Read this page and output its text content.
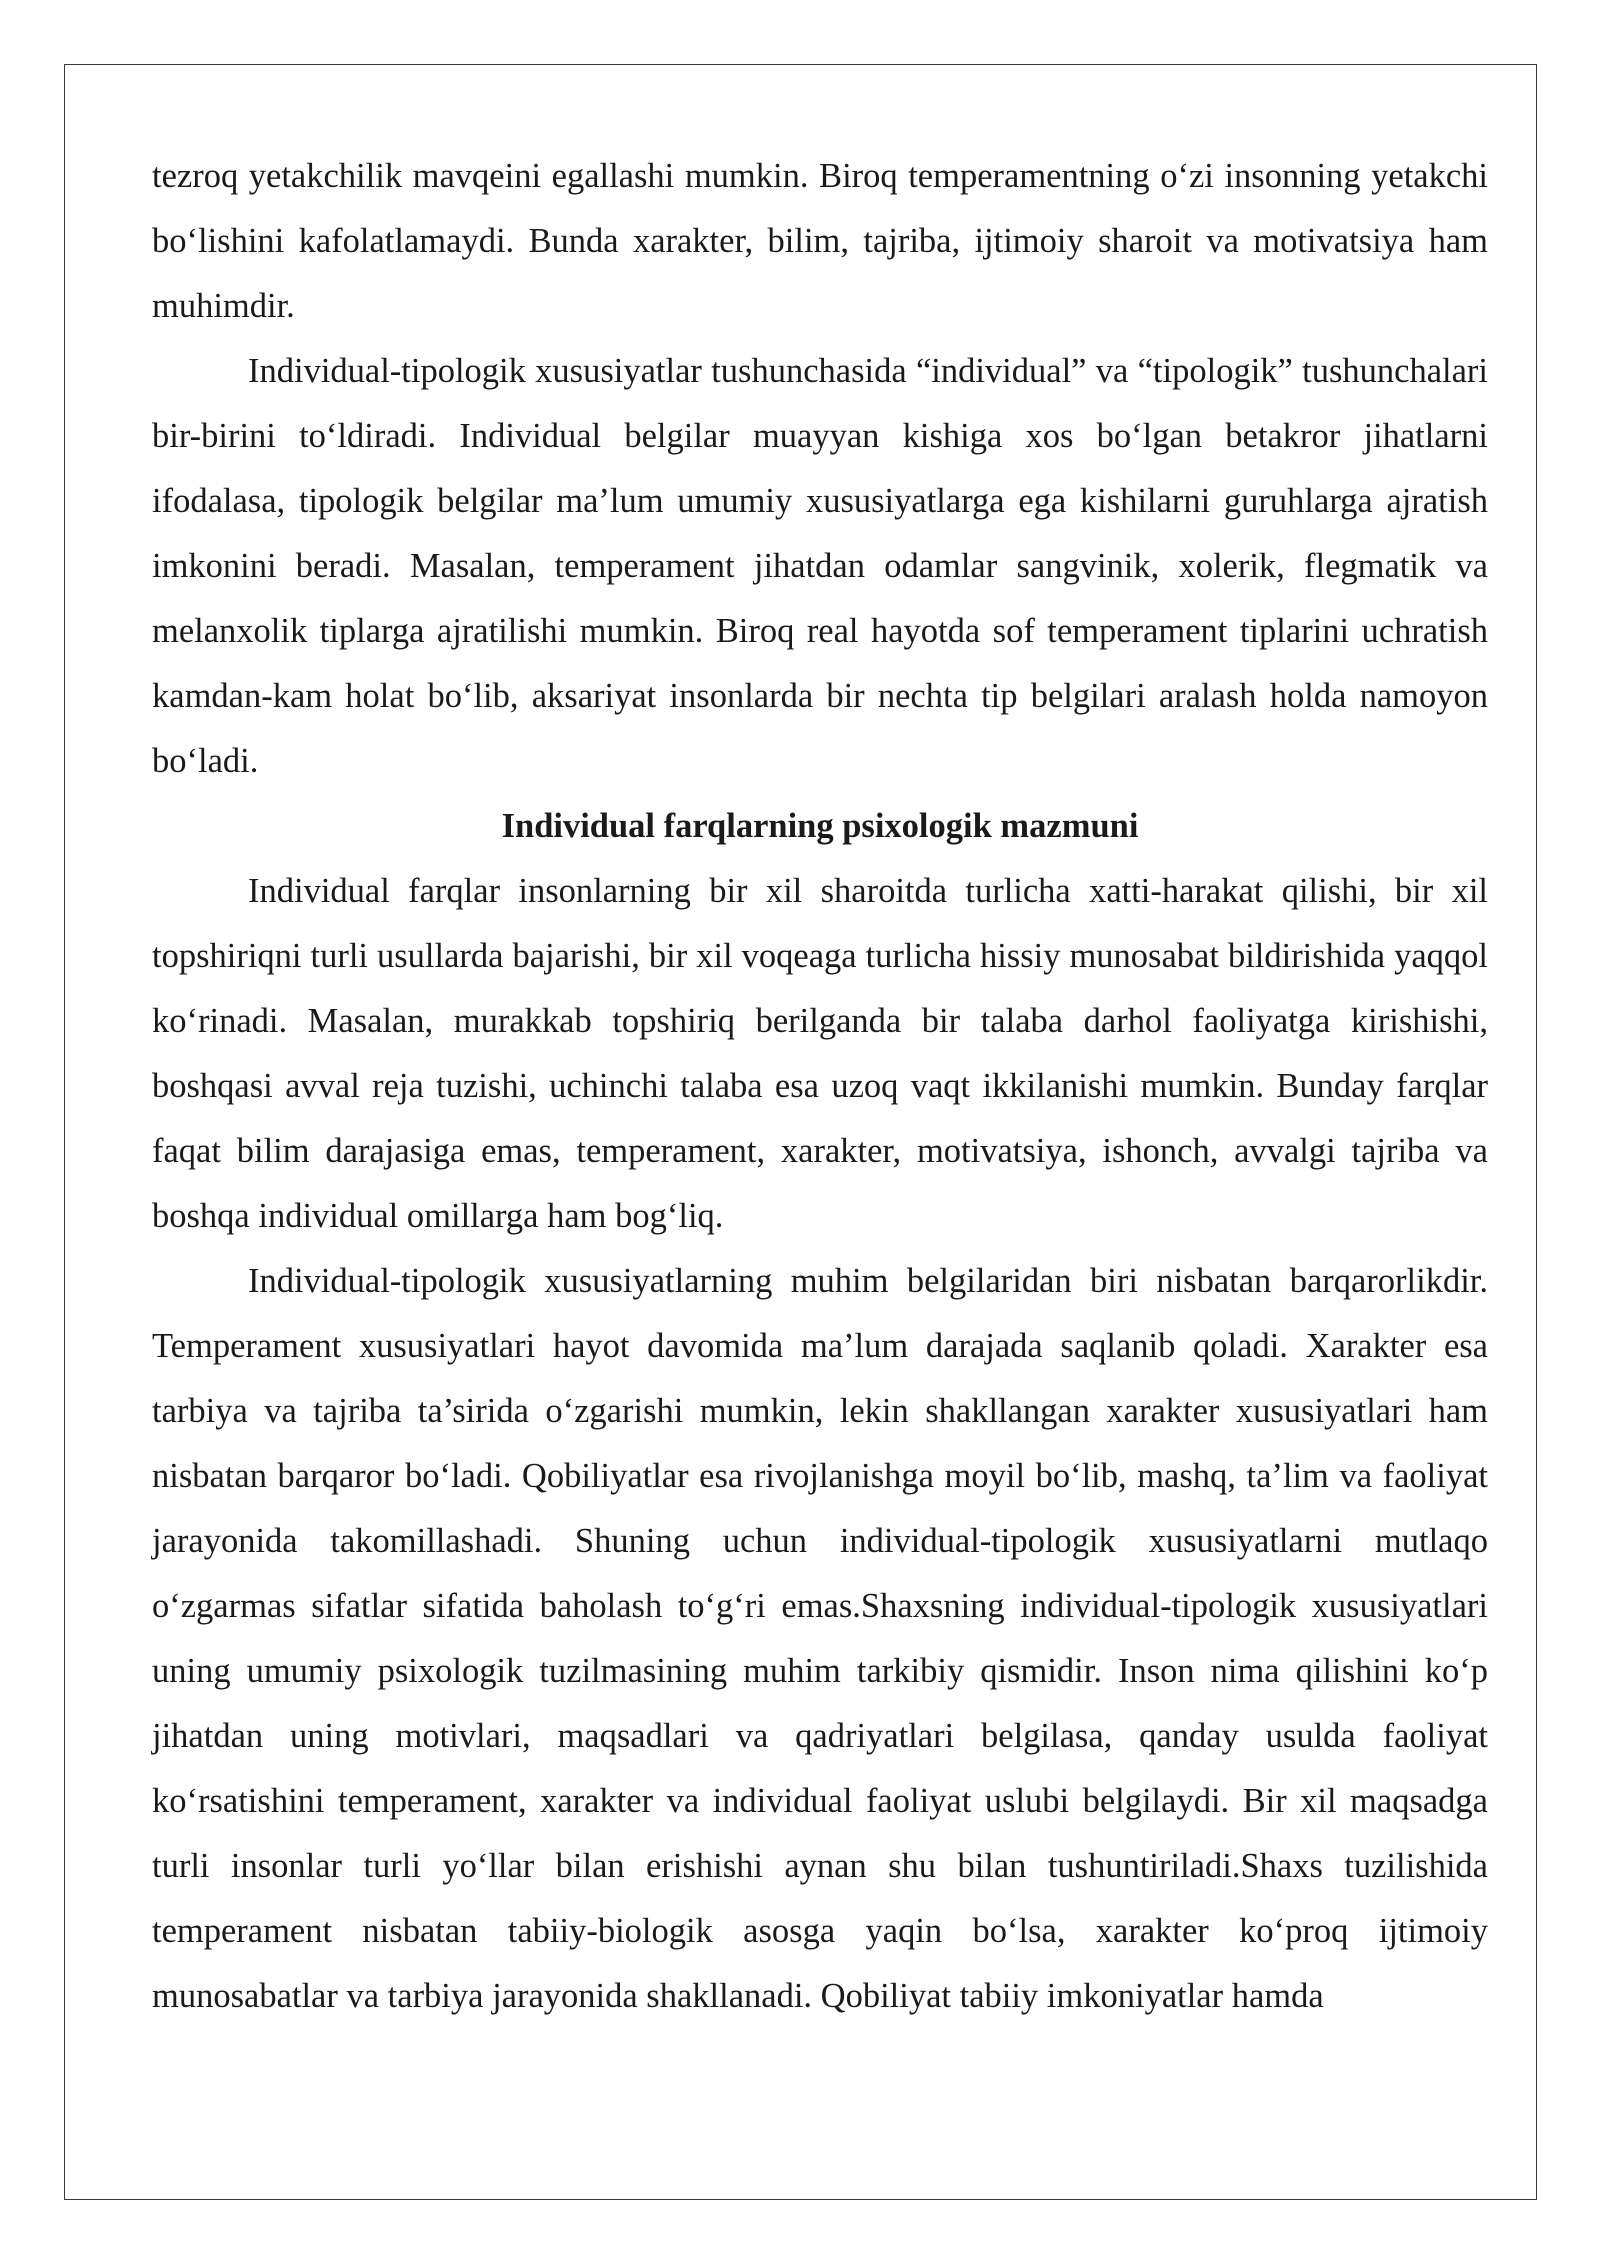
tezroq yetakchilik mavqeini egallashi mumkin. Biroq temperamentning o‘zi insonning yetakchi bo‘lishini kafolatlamaydi. Bunda xarakter, bilim, tajriba, ijtimoiy sharoit va motivatsiya ham muhimdir.

Individual-tipologik xususiyatlar tushunchasida “individual” va “tipologik” tushunchalari bir-birini to‘ldiradi. Individual belgilar muayyan kishiga xos bo‘lgan betakror jihatlarni ifodalasa, tipologik belgilar ma’lum umumiy xususiyatlarga ega kishilarni guruhlarga ajratish imkonini beradi. Masalan, temperament jihatdan odamlar sangvinik, xolerik, flegmatik va melanxolik tiplarga ajratilishi mumkin. Biroq real hayotda sof temperament tiplarini uchratish kamdan-kam holat bo‘lib, aksariyat insonlarda bir nechta tip belgilari aralash holda namoyon bo‘ladi.

Individual farqlarning psixologik mazmuni

Individual farqlar insonlarning bir xil sharoitda turlicha xatti-harakat qilishi, bir xil topshiriqni turli usullarda bajarishi, bir xil voqeaga turlicha hissiy munosabat bildirishida yaqqol ko‘rinadi. Masalan, murakkab topshiriq berilganda bir talaba darhol faoliyatga kirishishi, boshqasi avval reja tuzishi, uchinchi talaba esa uzoq vaqt ikkilanishi mumkin. Bunday farqlar faqat bilim darajasiga emas, temperament, xarakter, motivatsiya, ishonch, avvalgi tajriba va boshqa individual omillarga ham bog‘liq.

Individual-tipologik xususiyatlarning muhim belgilaridan biri nisbatan barqarorlikdir. Temperament xususiyatlari hayot davomida ma’lum darajada saqlanib qoladi. Xarakter esa tarbiya va tajriba ta’sirida o‘zgarishi mumkin, lekin shakllangan xarakter xususiyatlari ham nisbatan barqaror bo‘ladi. Qobiliyatlar esa rivojlanishga moyil bo‘lib, mashq, ta’lim va faoliyat jarayonida takomillashadi. Shuning uchun individual-tipologik xususiyatlarni mutlaqo o‘zgarmas sifatlar sifatida baholash to‘g‘ri emas.Shaxsning individual-tipologik xususiyatlari uning umumiy psixologik tuzilmasining muhim tarkibiy qismidir. Inson nima qilishini ko‘p jihatdan uning motivlari, maqsadlari va qadriyatlari belgilasa, qanday usulda faoliyat ko‘rsatishini temperament, xarakter va individual faoliyat uslubi belgilaydi. Bir xil maqsadga turli insonlar turli yo‘llar bilan erishishi aynan shu bilan tushuntiriladi.Shaxs tuzilishida temperament nisbatan tabiiy-biologik asosga yaqin bo‘lsa, xarakter ko‘proq ijtimoiy munosabatlar va tarbiya jarayonida shakllanadi. Qobiliyat tabiiy imkoniyatlar hamda
